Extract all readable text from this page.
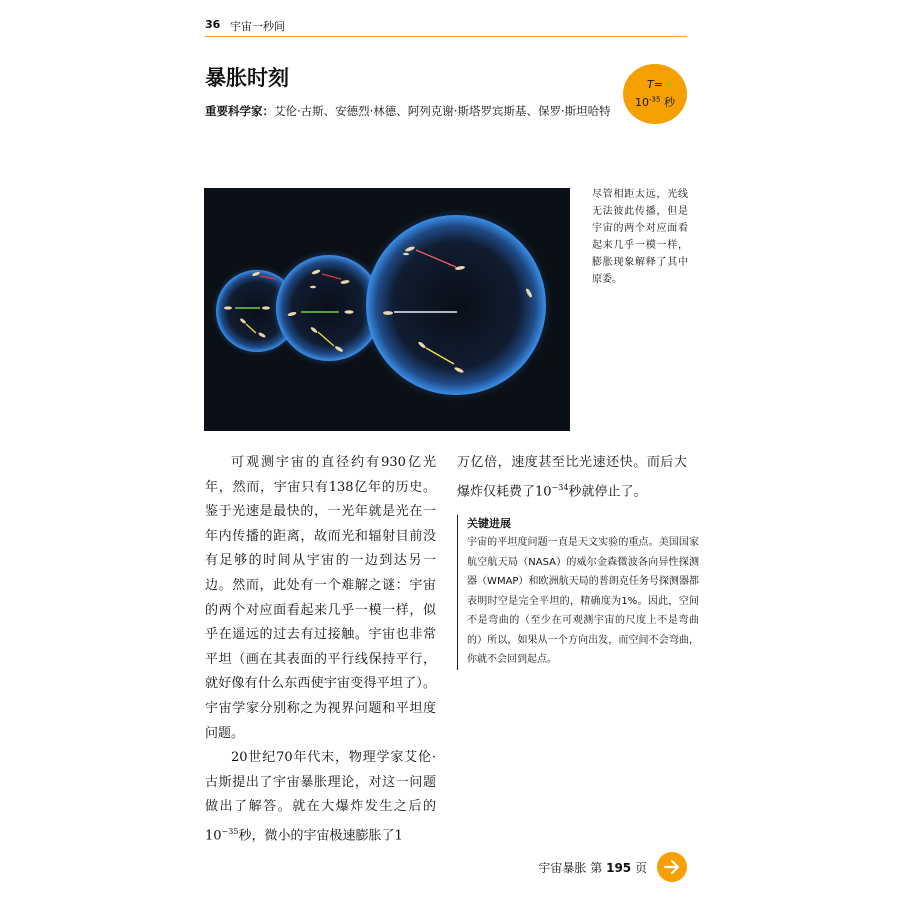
36 宇宙一秒间
暴胀时刻
重要科学家：艾伦·古斯、安德烈·林德、阿列克谢·斯塔罗宾斯基、保罗·斯坦哈特
T=
$10^{-35}$ 秒
尽管相距太远，光线无法彼此传播，但是宇宙的两个对应面看起来几乎一模一样，膨胀现象解释了其中原委。

可观测宇宙的直径约有930亿光年，然而，宇宙只有138亿年的历史。鉴于光速是最快的，一光年就是光在一年内传播的距离，故而光和辐射目前没有足够的时间从宇宙的一边到达另一边。然而，此处有一个难解之谜：宇宙的两个对应面看起来几乎一模一样，似乎在遥远的过去有过接触。宇宙也非常平坦（画在其表面的平行线保持平行，就好像有什么东西使宇宙变得平坦了）。宇宙学家分别称之为视界问题和平坦度问题。

20世纪70年代末，物理学家艾伦·古斯提出了宇宙暴胀理论，对这一问题做出了解答。就在大爆炸发生之后的$10^{-35}$秒，微小的宇宙极速膨胀了1

万亿倍，速度甚至比光速还快。而后大爆炸仅耗费了$10^{-34}$秒就停止了。

关键进展
宇宙的平坦度问题一直是天文实验的重点。美国国家航空航天局（NASA）的威尔金森微波各向异性探测器（WMAP）和欧洲航天局的普朗克任务号探测器都表明时空是完全平坦的，精确度为1%。因此，空间不是弯曲的（至少在可观测宇宙的尺度上不是弯曲的）所以，如果从一个方向出发，而空间不会弯曲，你就不会回到起点。
宇宙暴胀 第 195 页
